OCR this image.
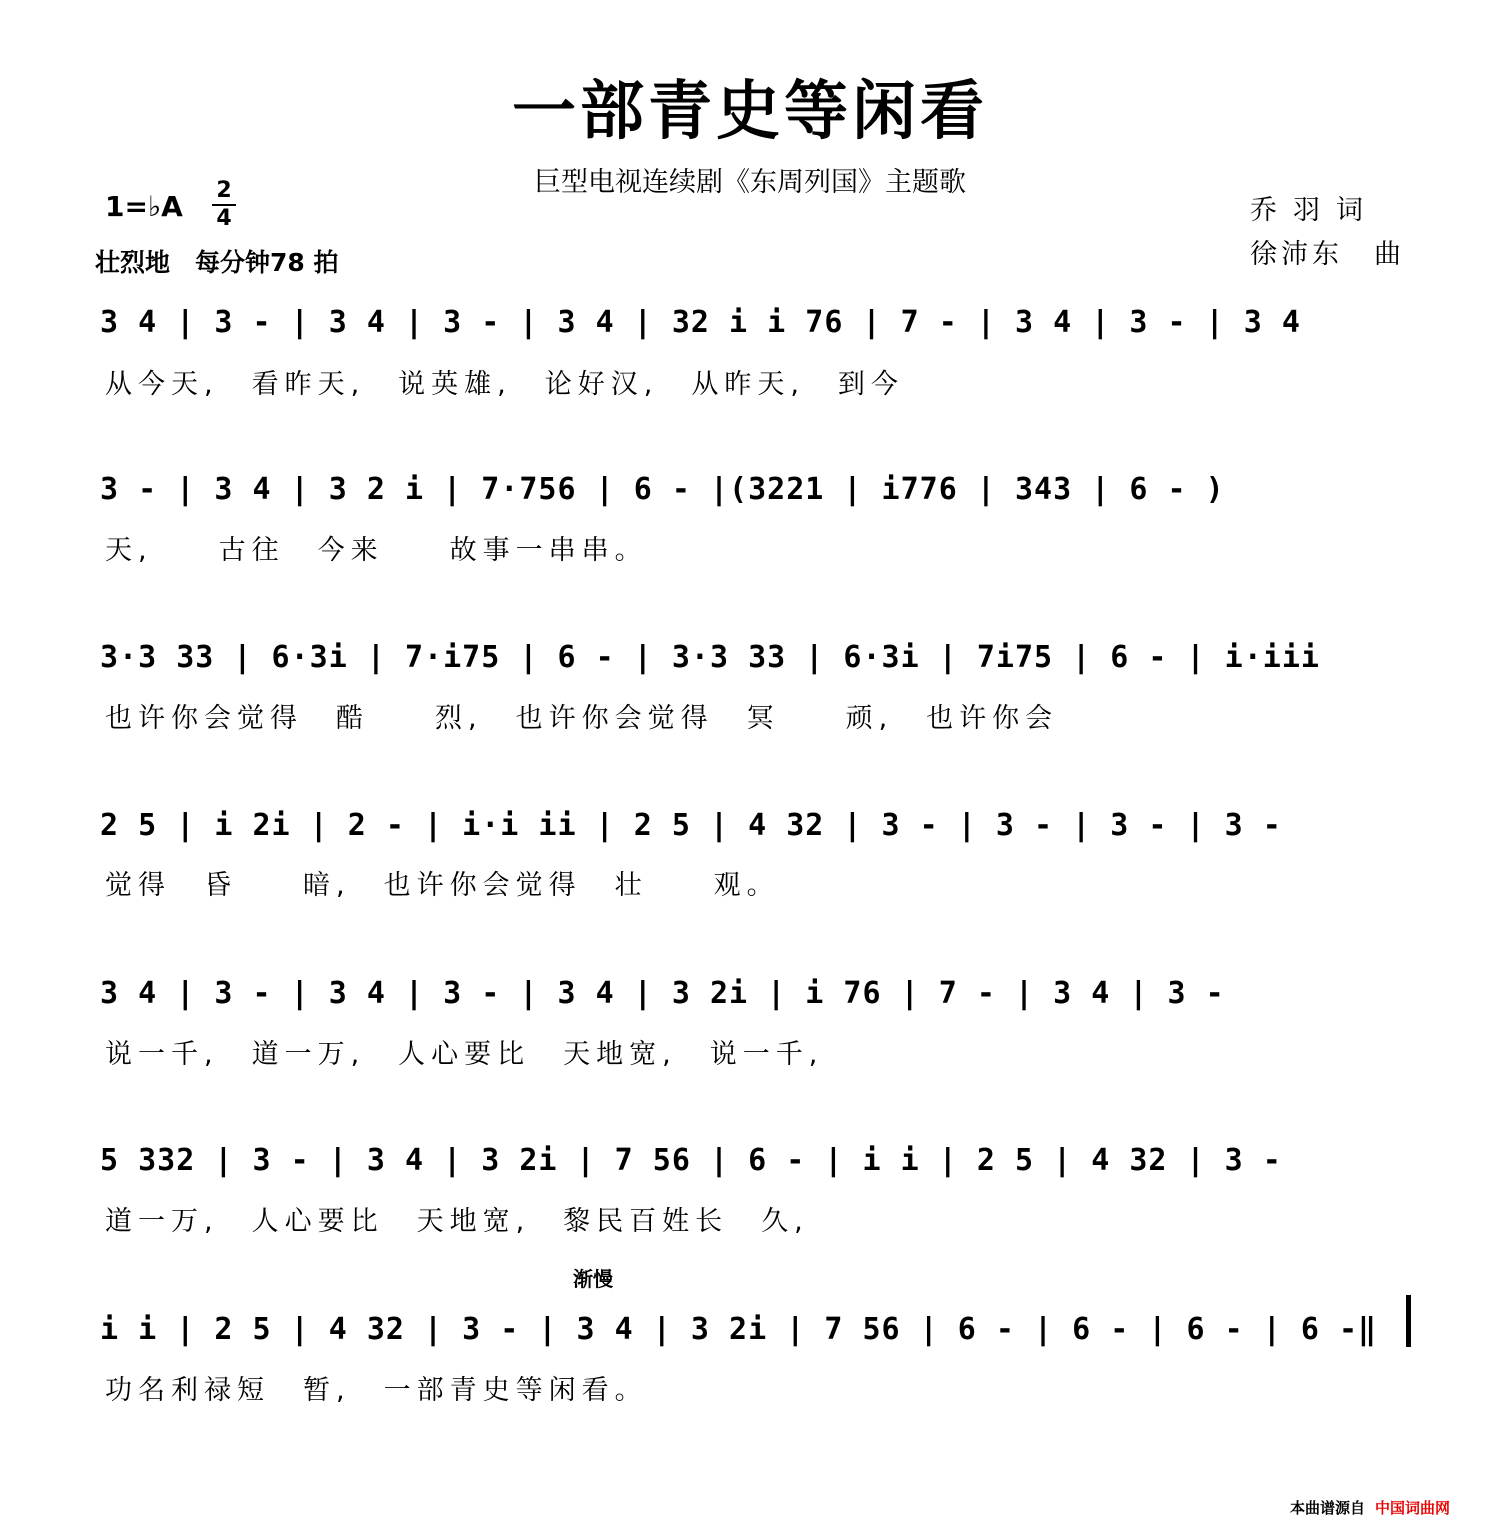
一部青史等闲看
巨型电视连续剧《东周列国》主题歌
1=♭A 2
4
壮烈地　每分钟78 拍
乔羽词
徐沛东　曲
3 4 | 3 - | 3 4 | 3 - | 3 4 | 32 i i 76 | 7 - | 3 4 | 3 - | 3 4
从今天,　看昨天,　说英雄,　论好汉,　从昨天,　到今
3 - | 3 4 | 3 2 i | 7·756 | 6 - |(3221 | i776 | 343 | 6 - )
天,　　古往　今来　　故事一串串。
3·3 33 | 6·3i | 7·i75 | 6 - | 3·3 33 | 6·3i | 7i75 | 6 - | i·iii
也许你会觉得　酷　　烈,　也许你会觉得　冥　　顽,　也许你会
2 5 | i 2i | 2 - | i·i ii | 2 5 | 4 32 | 3 - | 3 - | 3 - | 3 -
觉得　昏　　暗,　也许你会觉得　壮　　观。
3 4 | 3 - | 3 4 | 3 - | 3 4 | 3 2i | i 76 | 7 - | 3 4 | 3 -
说一千,　道一万,　人心要比　天地宽,　说一千,
5 332 | 3 - | 3 4 | 3 2i | 7 56 | 6 - | i i | 2 5 | 4 32 | 3 -
道一万,　人心要比　天地宽,　黎民百姓长　久,
渐慢
i i | 2 5 | 4 32 | 3 - | 3 4 | 3 2i | 7 56 | 6 - | 6 - | 6 - | 6 -‖
功名利禄短　暂,　一部青史等闲看。
本曲谱源自 中国词曲网
